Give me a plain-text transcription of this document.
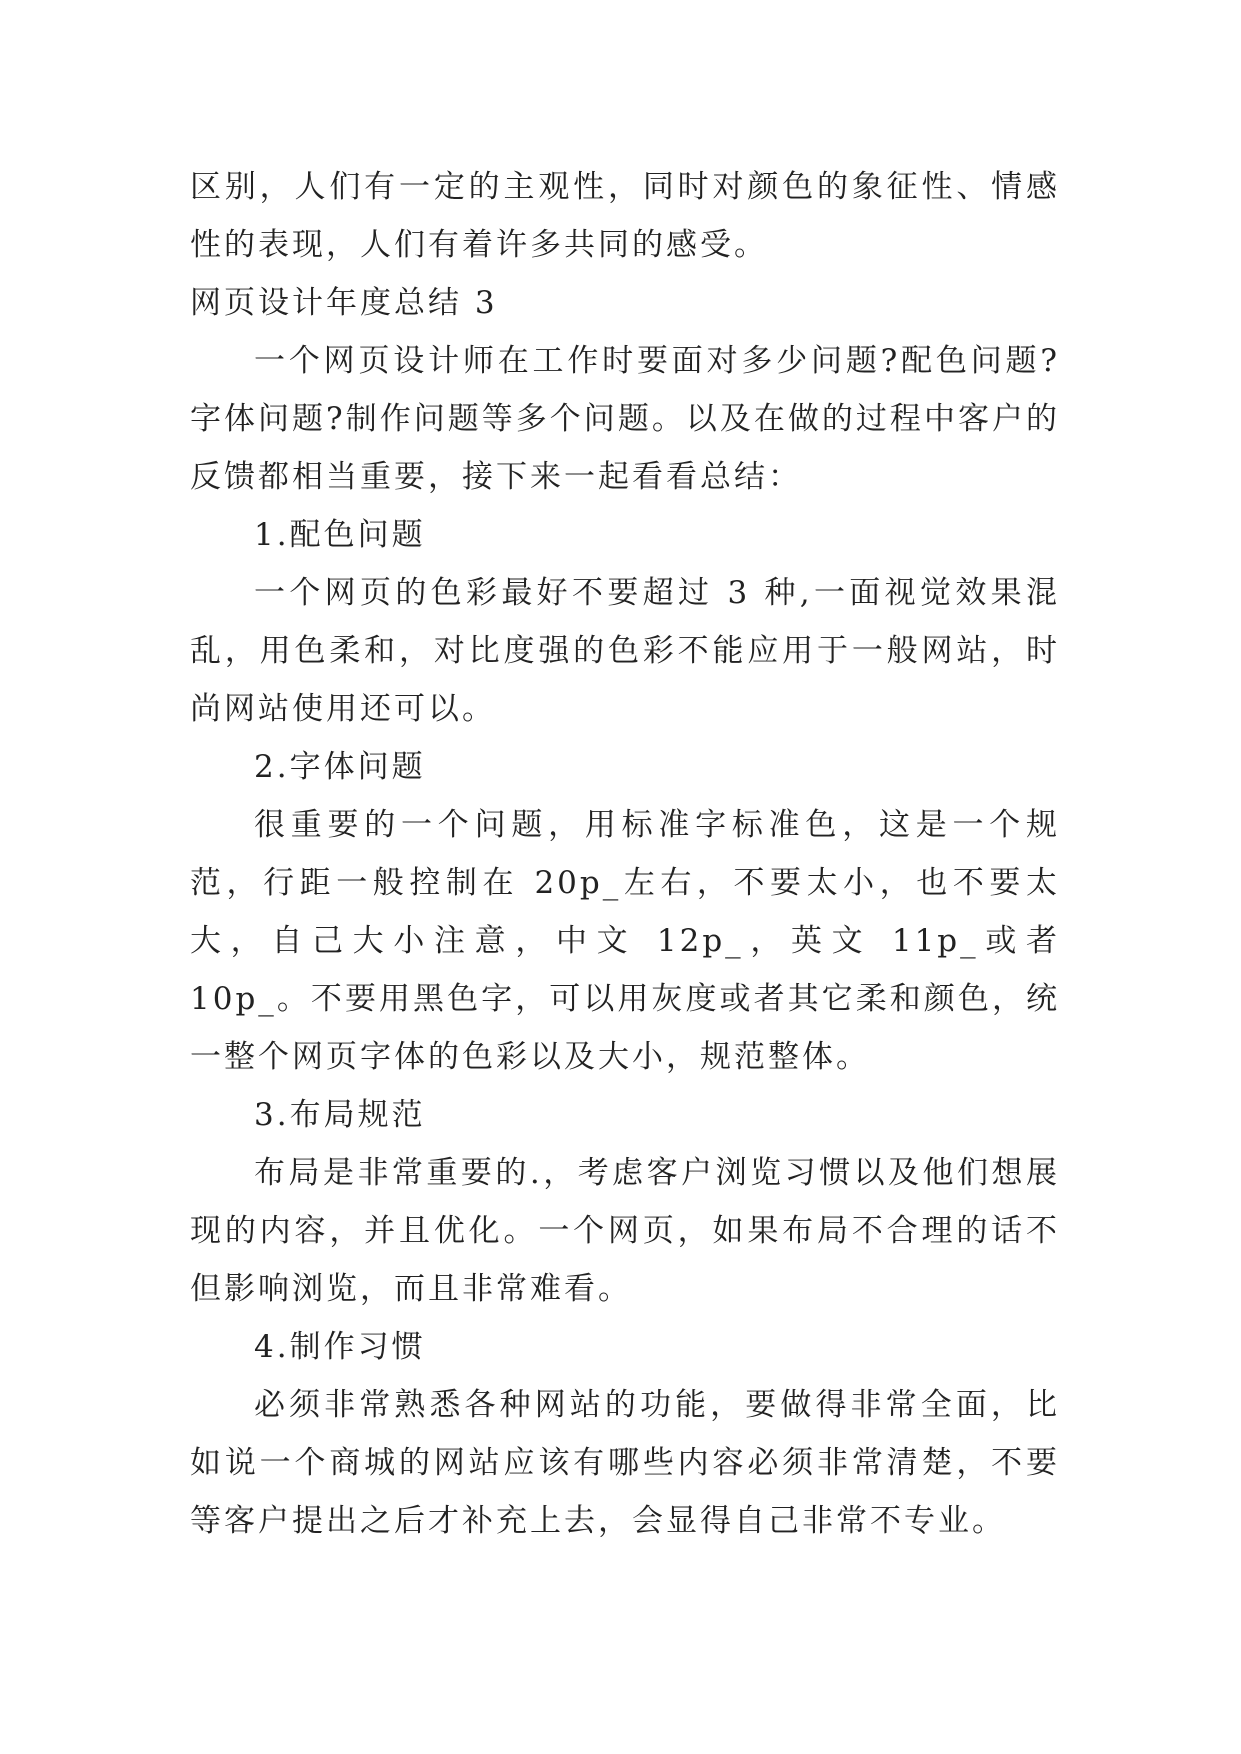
区别，人们有一定的主观性，同时对颜色的象征性、情感性的表现，人们有着许多共同的感受。

网页设计年度总结 3

一个网页设计师在工作时要面对多少问题?配色问题?字体问题?制作问题等多个问题。以及在做的过程中客户的反馈都相当重要，接下来一起看看总结：

1.配色问题

一个网页的色彩最好不要超过 3 种,一面视觉效果混乱，用色柔和，对比度强的色彩不能应用于一般网站，时尚网站使用还可以。

2.字体问题

很重要的一个问题，用标准字标准色，这是一个规范，行距一般控制在 20p_左右，不要太小，也不要太大，自己大小注意，中文 12p_，英文 11p_或者 10p_。不要用黑色字，可以用灰度或者其它柔和颜色，统一整个网页字体的色彩以及大小，规范整体。

3.布局规范

布局是非常重要的.，考虑客户浏览习惯以及他们想展现的内容，并且优化。一个网页，如果布局不合理的话不但影响浏览，而且非常难看。

4.制作习惯

必须非常熟悉各种网站的功能，要做得非常全面，比如说一个商城的网站应该有哪些内容必须非常清楚，不要等客户提出之后才补充上去，会显得自己非常不专业。
